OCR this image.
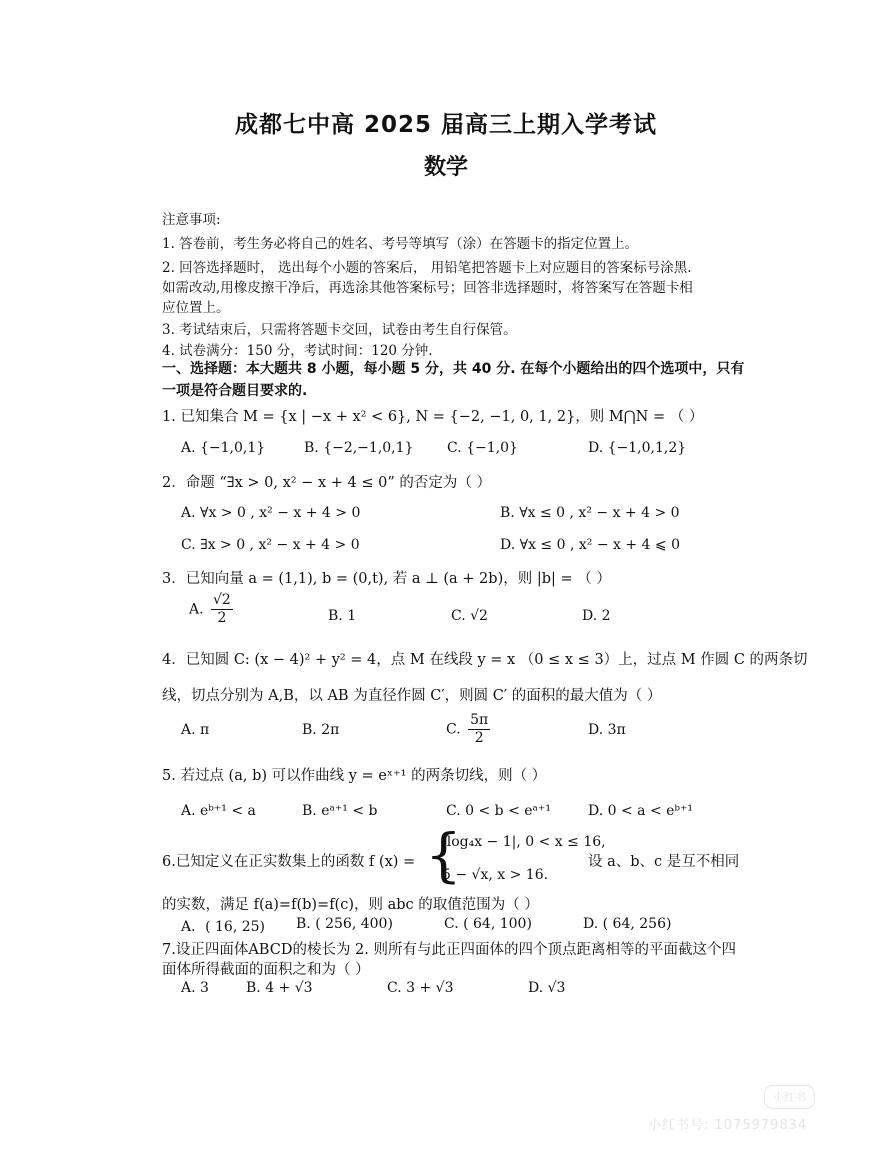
成都七中高 2025 届高三上期入学考试
数学
注意事项:
1. 答卷前，考生务必将自己的姓名、考号等填写（涂）在答题卡的指定位置上。
2. 回答选择题时， 选出每个小题的答案后， 用铅笔把答题卡上对应题目的答案标号涂黑.
如需改动,用橡皮擦干净后，再选涂其他答案标号；回答非选择题时，将答案写在答题卡相
应位置上。
3. 考试结束后，只需将答题卡交回，试卷由考生自行保管。
4. 试卷满分：150 分，考试时间：120 分钟.
一、选择题：本大题共 8 小题，每小题 5 分，共 40 分. 在每个小题给出的四个选项中，只有
一项是符合题目要求的.
1. 已知集合 M = {x | −x + x² < 6}, N = {−2, −1, 0, 1, 2}，则 M⋂N = （ ）
A. {−1,0,1}	B. {−2,−1,0,1} C. {−1,0}	D. {−1,0,1,2}
2．命题 “∃x > 0, x² − x + 4 ≤ 0” 的否定为（ ）
A. ∀x > 0 , x² − x + 4 > 0	B. ∀x ≤ 0 , x² − x + 4 > 0
C. ∃x > 0 , x² − x + 4 > 0	D. ∀x ≤ 0 , x² − x + 4 ⩽ 0
3．已知向量 a = (1,1), b = (0,t), 若 a ⊥ (a + 2b)，则 |b| = （ ）
A. $\frac{√2}{2}$	B. 1	C. √2	D. 2
4．已知圆 C: (x − 4)² + y² = 4，点 M 在线段 y = x （0 ≤ x ≤ 3）上，过点 M 作圆 C 的两条切
线，切点分别为 A,B，以 AB 为直径作圆 C′，则圆 C′ 的面积的最大值为（ ）
A. π	B. 2π	C. $\frac{5\pi}{2}$	D. 3π
5. 若过点 (a, b) 可以作曲线 y = eˣ⁺¹ 的两条切线，则（ ）
A. eᵇ⁺¹ < a	B. eᵃ⁺¹ < b	C. 0 < b < eᵃ⁺¹	D. 0 < a < eᵇ⁺¹
6.已知定义在正实数集上的函数 f (x) = {
|log₄x − 1|, 0 < x ≤ 16,
5 − √x, x > 16.
设 a、b、c 是互不相同
的实数，满足 f(a)=f(b)=f(c)，则 abc 的取值范围为（ ）
A．( 16, 25) B. ( 256, 400)	C. ( 64, 100)	D. ( 64, 256)
7.设正四面体ABCD的棱长为 2. 则所有与此正四面体的四个顶点距离相等的平面截这个四
面体所得截面的面积之和为（ ）
A. 3	B. 4 + √3	C. 3 + √3	D. √3
小红书
小红书号: 1075979834
